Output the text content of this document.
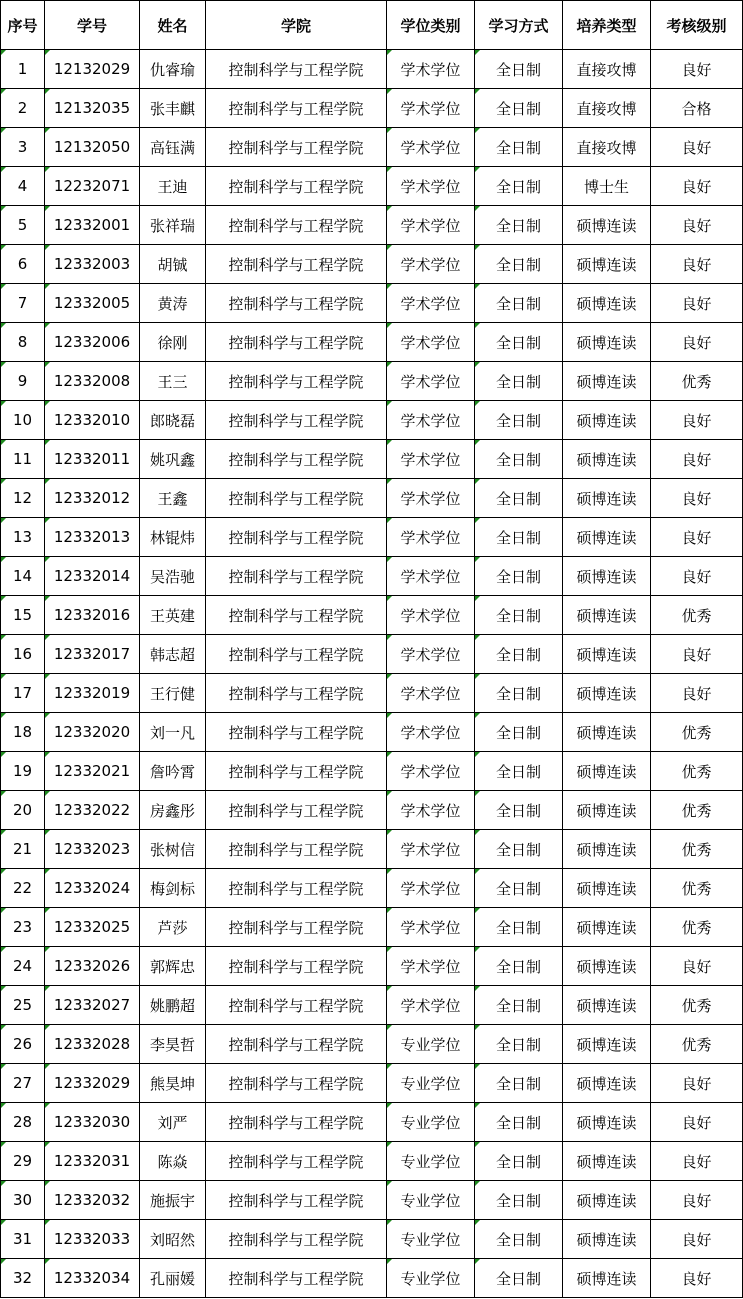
序号	学号	姓名	学院	学位类别	学习方式	培养类型	考核级别
1	12132029	仇睿瑜	控制科学与工程学院	学术学位	全日制	直接攻博	良好
2	12132035	张丰麒	控制科学与工程学院	学术学位	全日制	直接攻博	合格
3	12132050	高钰满	控制科学与工程学院	学术学位	全日制	直接攻博	良好
4	12232071	王迪	控制科学与工程学院	学术学位	全日制	博士生	良好
5	12332001	张祥瑞	控制科学与工程学院	学术学位	全日制	硕博连读	良好
6	12332003	胡铖	控制科学与工程学院	学术学位	全日制	硕博连读	良好
7	12332005	黄涛	控制科学与工程学院	学术学位	全日制	硕博连读	良好
8	12332006	徐刚	控制科学与工程学院	学术学位	全日制	硕博连读	良好
9	12332008	王三	控制科学与工程学院	学术学位	全日制	硕博连读	优秀
10	12332010	郎晓磊	控制科学与工程学院	学术学位	全日制	硕博连读	良好
11	12332011	姚巩鑫	控制科学与工程学院	学术学位	全日制	硕博连读	良好
12	12332012	王鑫	控制科学与工程学院	学术学位	全日制	硕博连读	良好
13	12332013	林锟炜	控制科学与工程学院	学术学位	全日制	硕博连读	良好
14	12332014	吴浩驰	控制科学与工程学院	学术学位	全日制	硕博连读	良好
15	12332016	王英建	控制科学与工程学院	学术学位	全日制	硕博连读	优秀
16	12332017	韩志超	控制科学与工程学院	学术学位	全日制	硕博连读	良好
17	12332019	王行健	控制科学与工程学院	学术学位	全日制	硕博连读	良好
18	12332020	刘一凡	控制科学与工程学院	学术学位	全日制	硕博连读	优秀
19	12332021	詹吟霄	控制科学与工程学院	学术学位	全日制	硕博连读	优秀
20	12332022	房鑫彤	控制科学与工程学院	学术学位	全日制	硕博连读	优秀
21	12332023	张树信	控制科学与工程学院	学术学位	全日制	硕博连读	优秀
22	12332024	梅剑标	控制科学与工程学院	学术学位	全日制	硕博连读	优秀
23	12332025	芦莎	控制科学与工程学院	学术学位	全日制	硕博连读	优秀
24	12332026	郭辉忠	控制科学与工程学院	学术学位	全日制	硕博连读	良好
25	12332027	姚鹏超	控制科学与工程学院	学术学位	全日制	硕博连读	优秀
26	12332028	李昊哲	控制科学与工程学院	专业学位	全日制	硕博连读	优秀
27	12332029	熊昊坤	控制科学与工程学院	专业学位	全日制	硕博连读	良好
28	12332030	刘严	控制科学与工程学院	专业学位	全日制	硕博连读	良好
29	12332031	陈焱	控制科学与工程学院	专业学位	全日制	硕博连读	良好
30	12332032	施振宇	控制科学与工程学院	专业学位	全日制	硕博连读	良好
31	12332033	刘昭然	控制科学与工程学院	专业学位	全日制	硕博连读	良好
32	12332034	孔丽媛	控制科学与工程学院	专业学位	全日制	硕博连读	良好
